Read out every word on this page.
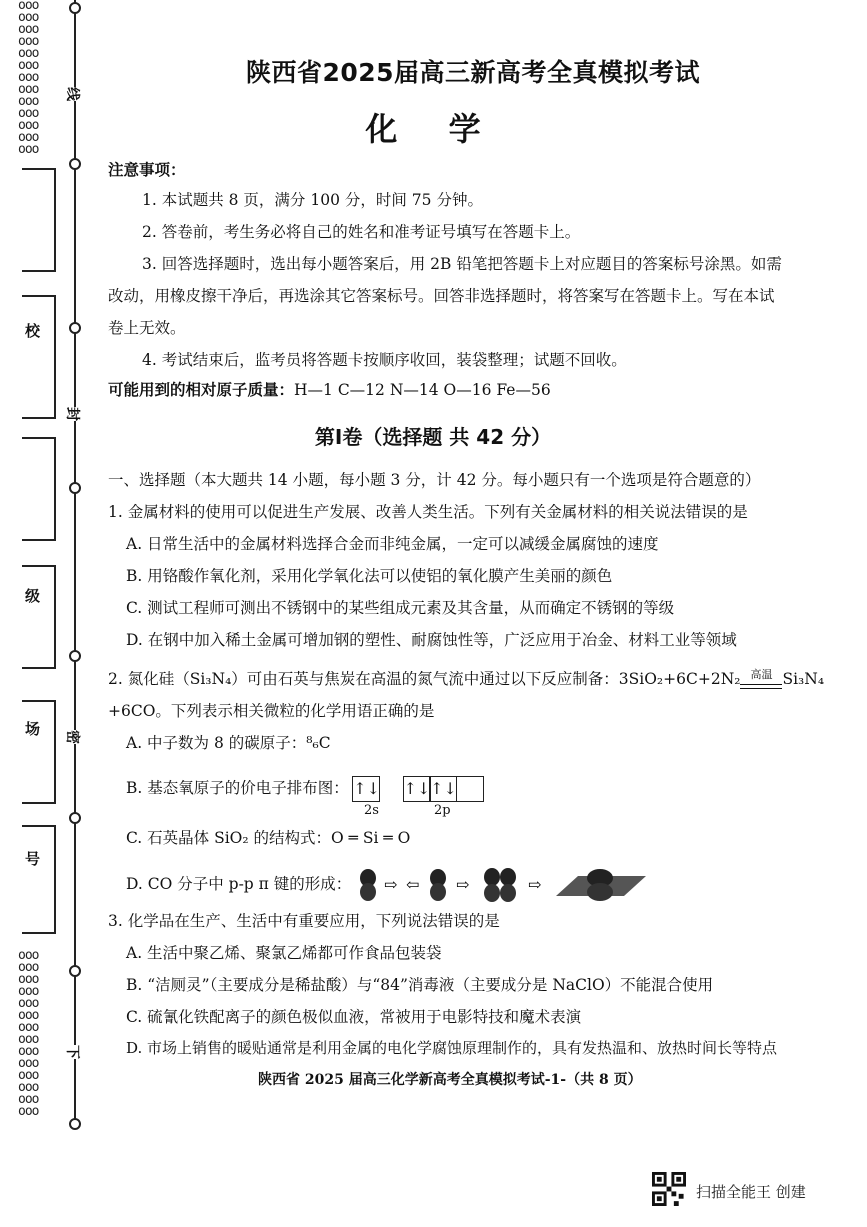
ooo
ooo
ooo
ooo
ooo
ooo
ooo
ooo
ooo
ooo
ooo
ooo
ooo
ooo
ooo
ooo
ooo
ooo
ooo
ooo
ooo
ooo
ooo
ooo
ooo
ooo
ooo
线
封
密
下
校
级
场
号
陕西省2025届高三新高考全真模拟考试
化 学
注意事项：
1. 本试题共 8 页，满分 100 分，时间 75 分钟。
2. 答卷前，考生务必将自己的姓名和准考证号填写在答题卡上。
3. 回答选择题时，选出每小题答案后，用 2B 铅笔把答题卡上对应题目的答案标号涂黑。如需
改动，用橡皮擦干净后，再选涂其它答案标号。回答非选择题时，将答案写在答题卡上。写在本试
卷上无效。
4. 考试结束后，监考员将答题卡按顺序收回，装袋整理；试题不回收。
可能用到的相对原子质量：H—1 C—12 N—14 O—16 Fe—56
第Ⅰ卷（选择题 共 42 分）
一、选择题（本大题共 14 小题，每小题 3 分，计 42 分。每小题只有一个选项是符合题意的）
1. 金属材料的使用可以促进生产发展、改善人类生活。下列有关金属材料的相关说法错误的是
A. 日常生活中的金属材料选择合金而非纯金属，一定可以减缓金属腐蚀的速度
B. 用铬酸作氧化剂，采用化学氧化法可以使铝的氧化膜产生美丽的颜色
C. 测试工程师可测出不锈钢中的某些组成元素及其含量，从而确定不锈钢的等级
D. 在钢中加入稀土金属可增加钢的塑性、耐腐蚀性等，广泛应用于冶金、材料工业等领域
2. 氮化硅（Si₃N₄）可由石英与焦炭在高温的氮气流中通过以下反应制备：3SiO₂+6C+2N₂ 高温 Si₃N₄
+6CO。下列表示相关微粒的化学用语正确的是
A. 中子数为 8 的碳原子：⁸₆C
B. 基态氧原子的价电子排布图： ↑↓ ↑↓↑↓
2s	2p
C. 石英晶体 SiO₂ 的结构式：O ═ Si ═ O
D. CO 分子中 p-p π 键的形成： ⇨ ⇦ ⇨	⇨
3. 化学品在生产、生活中有重要应用，下列说法错误的是
A. 生活中聚乙烯、聚氯乙烯都可作食品包装袋
B. “洁厕灵”（主要成分是稀盐酸）与“84”消毒液（主要成分是 NaClO）不能混合使用
C. 硫氰化铁配离子的颜色极似血液，常被用于电影特技和魔术表演
D. 市场上销售的暖贴通常是利用金属的电化学腐蚀原理制作的，具有发热温和、放热时间长等特点
陕西省 2025 届高三化学新高考全真模拟考试-1-（共 8 页）
扫描全能王 创建
